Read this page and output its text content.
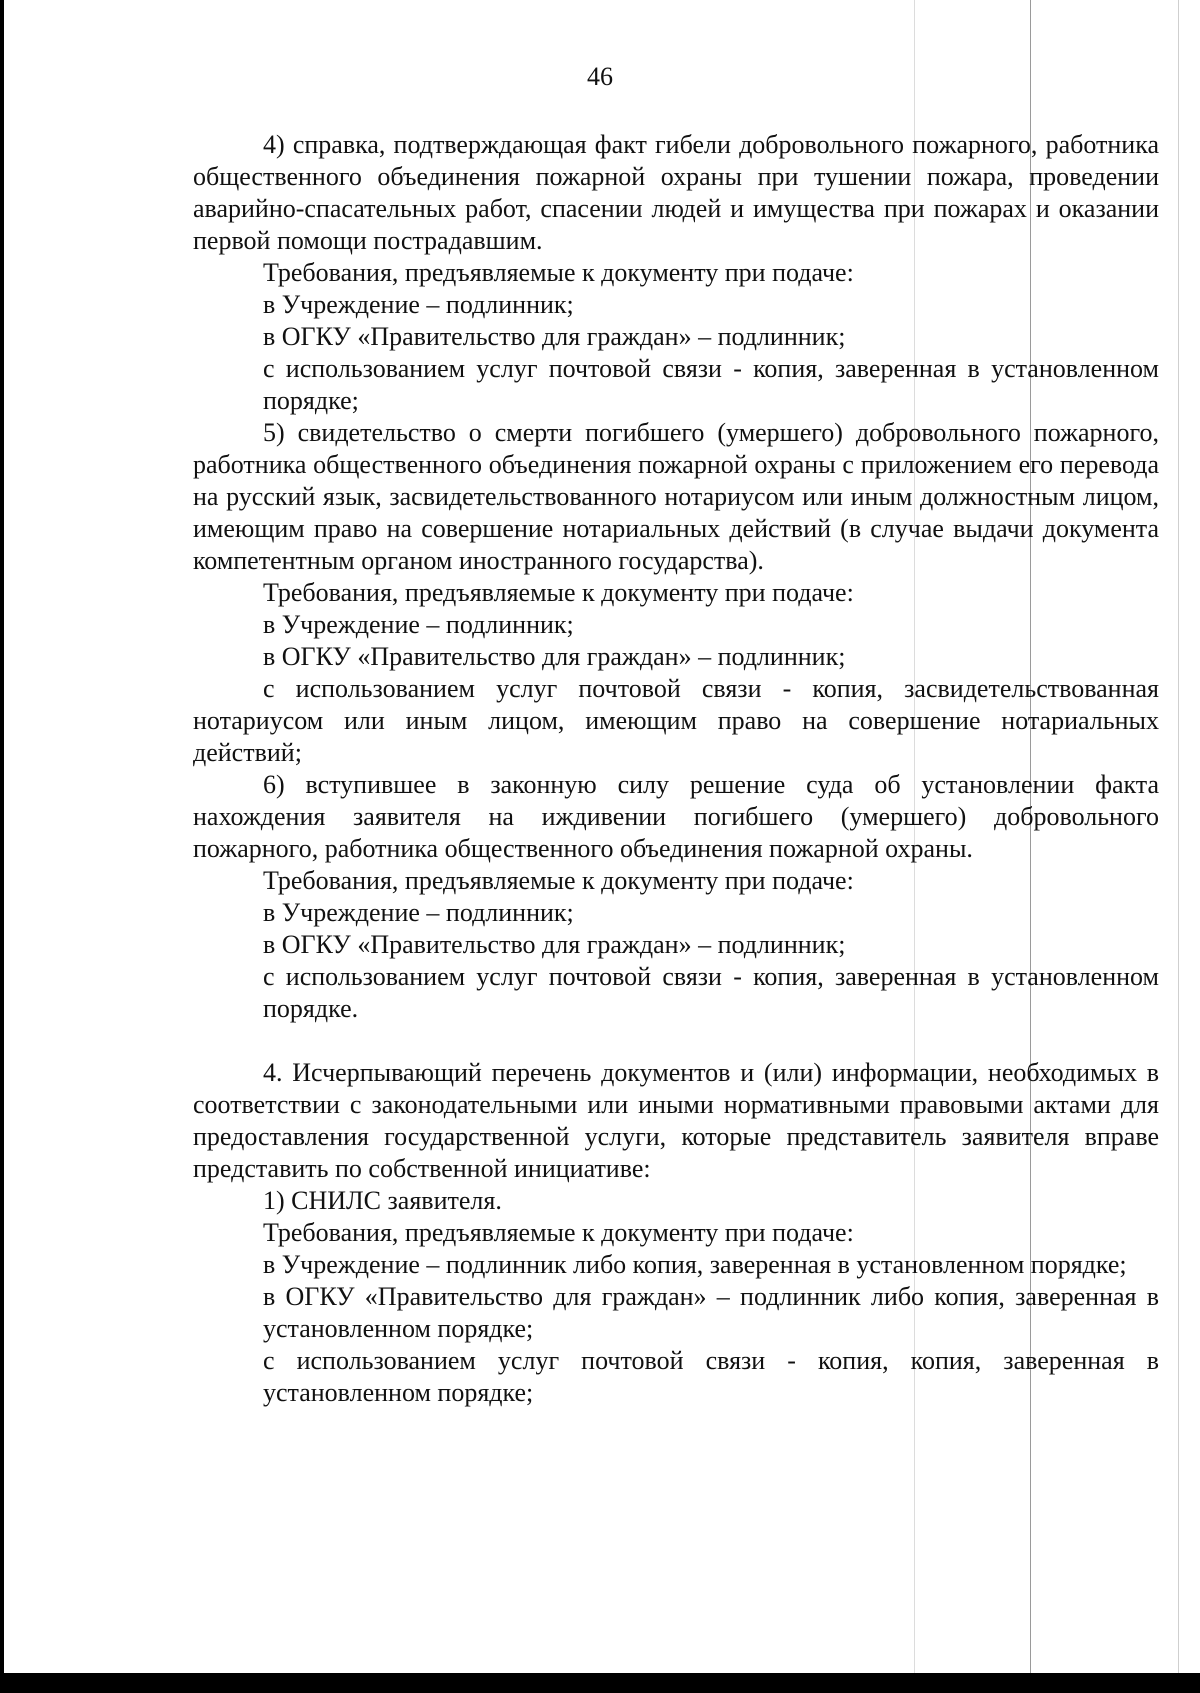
46

4) справка, подтверждающая факт гибели добровольного пожарного, работника общественного объединения пожарной охраны при тушении пожара, проведении аварийно-спасательных работ, спасении людей и имущества при пожарах и оказании первой помощи пострадавшим.

Требования, предъявляемые к документу при подаче:

в Учреждение – подлинник;

в ОГКУ «Правительство для граждан» – подлинник;

с использованием услуг почтовой связи - копия, заверенная в установленном порядке;

5) свидетельство о смерти погибшего (умершего) добровольного пожарного, работника общественного объединения пожарной охраны с приложением его перевода на русский язык, засвидетельствованного нотариусом или иным должностным лицом, имеющим право на совершение нотариальных действий (в случае выдачи документа компетентным органом иностранного государства).

Требования, предъявляемые к документу при подаче:

в Учреждение – подлинник;

в ОГКУ «Правительство для граждан» – подлинник;

с использованием услуг почтовой связи - копия, засвидетельствованная нотариусом или иным лицом, имеющим право на совершение нотариальных действий;

6) вступившее в законную силу решение суда об установлении факта нахождения заявителя на иждивении погибшего (умершего) добровольного пожарного, работника общественного объединения пожарной охраны.

Требования, предъявляемые к документу при подаче:

в Учреждение – подлинник;

в ОГКУ «Правительство для граждан» – подлинник;

с использованием услуг почтовой связи - копия, заверенная в установленном порядке.

4. Исчерпывающий перечень документов и (или) информации, необходимых в соответствии с законодательными или иными нормативными правовыми актами для предоставления государственной услуги, которые представитель заявителя вправе представить по собственной инициативе:

1) СНИЛС заявителя.

Требования, предъявляемые к документу при подаче:

в Учреждение – подлинник либо копия, заверенная в установленном порядке;

в ОГКУ «Правительство для граждан» – подлинник либо копия, заверенная в установленном порядке;

с использованием услуг почтовой связи - копия, копия, заверенная в установленном порядке;
